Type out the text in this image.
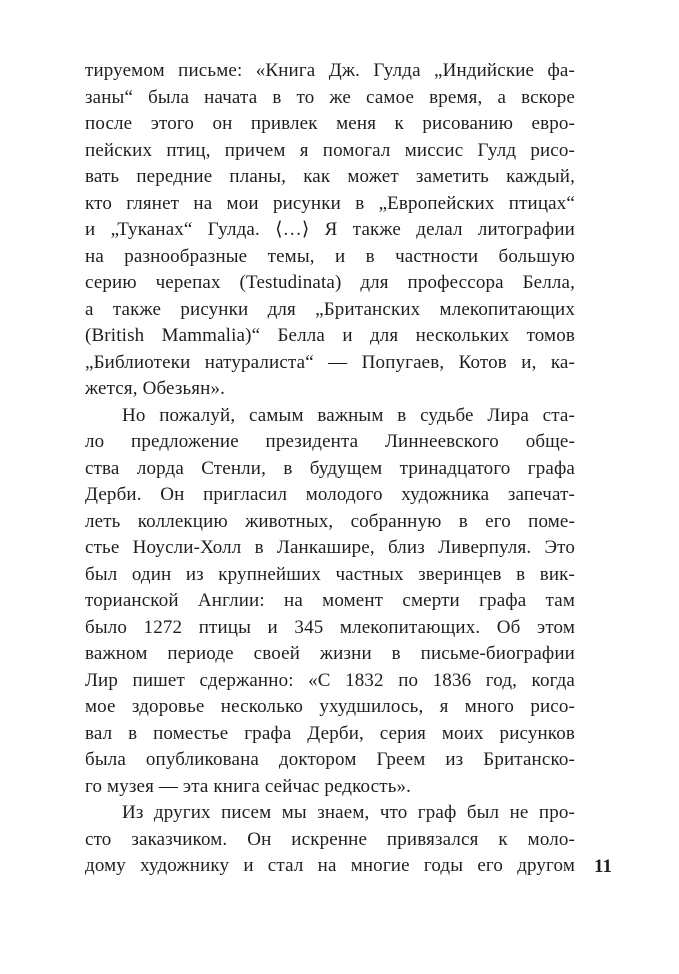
тируемом письме: «Книга Дж. Гулда „Индийские фа-
заны“ была начата в то же самое время, а вскоре
после этого он привлек меня к рисованию евро-
пейских птиц, причем я помогал миссис Гулд рисо-
вать передние планы, как может заметить каждый,
кто глянет на мои рисунки в „Европейских птицах“
и „Туканах“ Гулда. ⟨…⟩ Я также делал литографии
на разнообразные темы, и в частности большую
серию черепах (Testudinata) для профессора Белла,
а также рисунки для „Британских млекопитающих
(British Mammalia)“ Белла и для нескольких томов
„Библиотеки натуралиста“ — Попугаев, Котов и, ка-
жется, Обезьян».
Но пожалуй, самым важным в судьбе Лира ста-
ло предложение президента Линнеевского обще-
ства лорда Стенли, в будущем тринадцатого графа
Дерби. Он пригласил молодого художника запечат-
леть коллекцию животных, собранную в его поме-
стье Ноусли-Холл в Ланкашире, близ Ливерпуля. Это
был один из крупнейших частных зверинцев в вик-
торианской Англии: на момент смерти графа там
было 1272 птицы и 345 млекопитающих. Об этом
важном периоде своей жизни в письме-биографии
Лир пишет сдержанно: «С 1832 по 1836 год, когда
мое здоровье несколько ухудшилось, я много рисо-
вал в поместье графа Дерби, серия моих рисунков
была опубликована доктором Греем из Британско-
го музея — эта книга сейчас редкость».
Из других писем мы знаем, что граф был не про-
сто заказчиком. Он искренне привязался к моло-
дому художнику и стал на многие годы его другом 11
